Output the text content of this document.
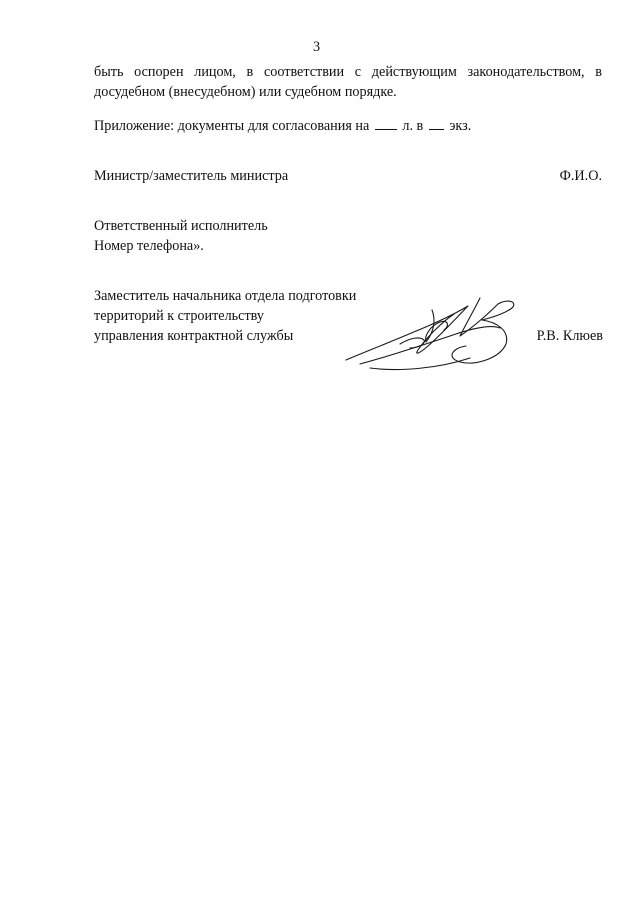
3

быть оспорен лицом, в соответствии с действующим законодательством, в
досудебном (внесудебном) или судебном порядке.

Приложение: документы для согласования на л. в экз.

Министр/заместитель министра	Ф.И.О.

Ответственный исполнитель
Номер телефона».

Заместитель начальника отдела подготовки
территорий к строительству
управления контрактной службы	Р.В. Клюев
